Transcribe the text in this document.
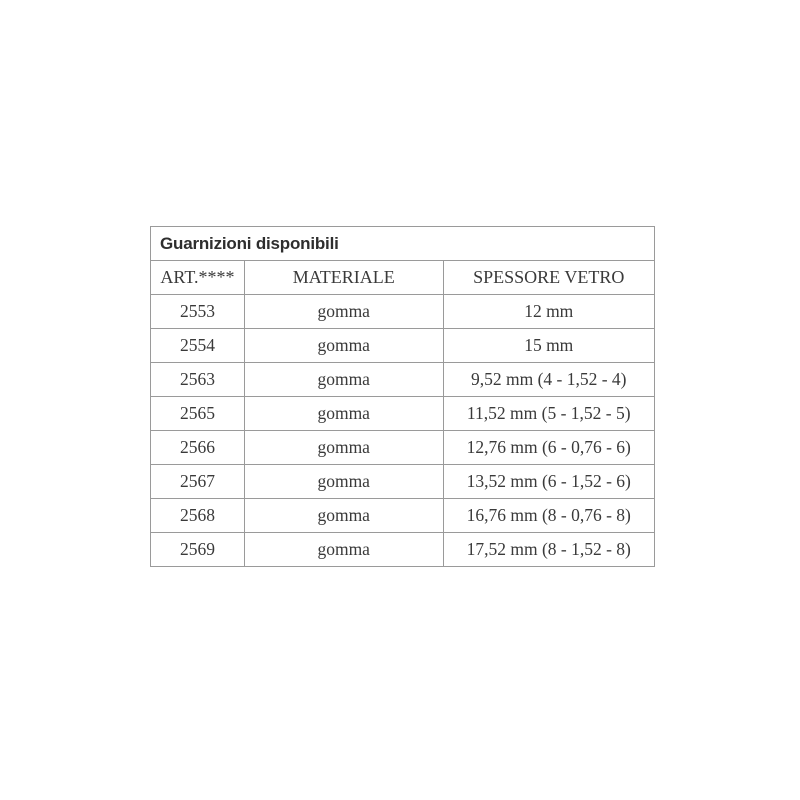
Guarnizioni disponibili		
ART.****	MATERIALE	SPESSORE VETRO
2553	gomma	12 mm
2554	gomma	15 mm
2563	gomma	9,52 mm (4 - 1,52 - 4)
2565	gomma	11,52 mm (5 - 1,52 - 5)
2566	gomma	12,76 mm (6 - 0,76 - 6)
2567	gomma	13,52 mm (6 - 1,52 - 6)
2568	gomma	16,76 mm (8 - 0,76 - 8)
2569	gomma	17,52 mm (8 - 1,52 - 8)
